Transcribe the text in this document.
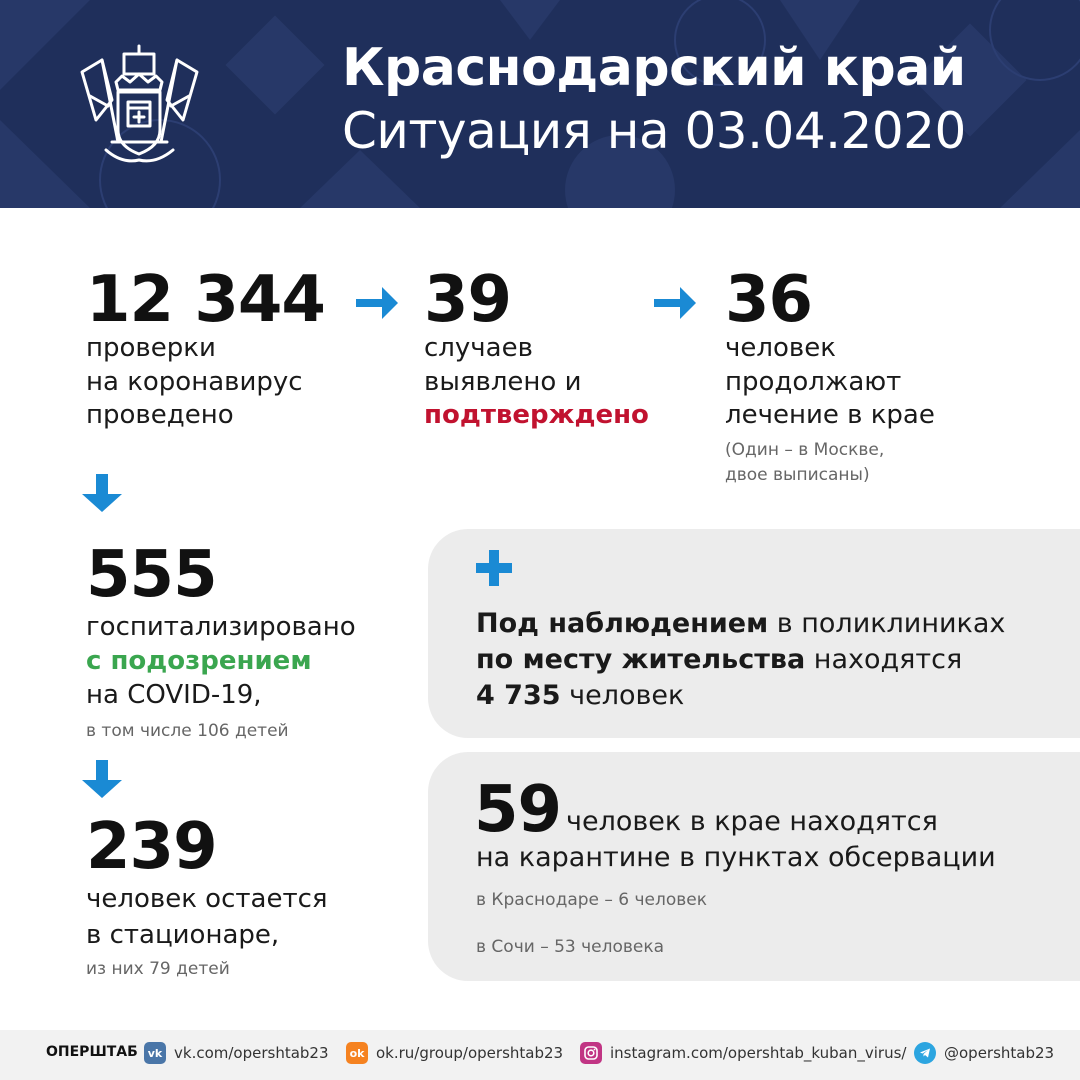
Краснодарский край
Ситуация на 03.04.2020
12 344
проверки
на коронавирус
проведено
39
случаев
выявлено и
подтверждено
36
человек
продолжают
лечение в крае
(Один – в Москве,
двое выписаны)
555
госпитализировано
с подозрением
на COVID-19,
в том числе 106 детей
239
человек остается
в стационаре,
из них 79 детей
Под наблюдением в поликлиниках
по месту жительства находятся
4 735 человек
59 человек в крае находятся
на карантине в пунктах обсервации
в Краснодаре – 6 человек
в Сочи – 53 человека
ОПЕРШТАБ vk vk.com/opershtab23	ok ok.ru/group/opershtab23	instagram.com/opershtab_kuban_virus/	@opershtab23
